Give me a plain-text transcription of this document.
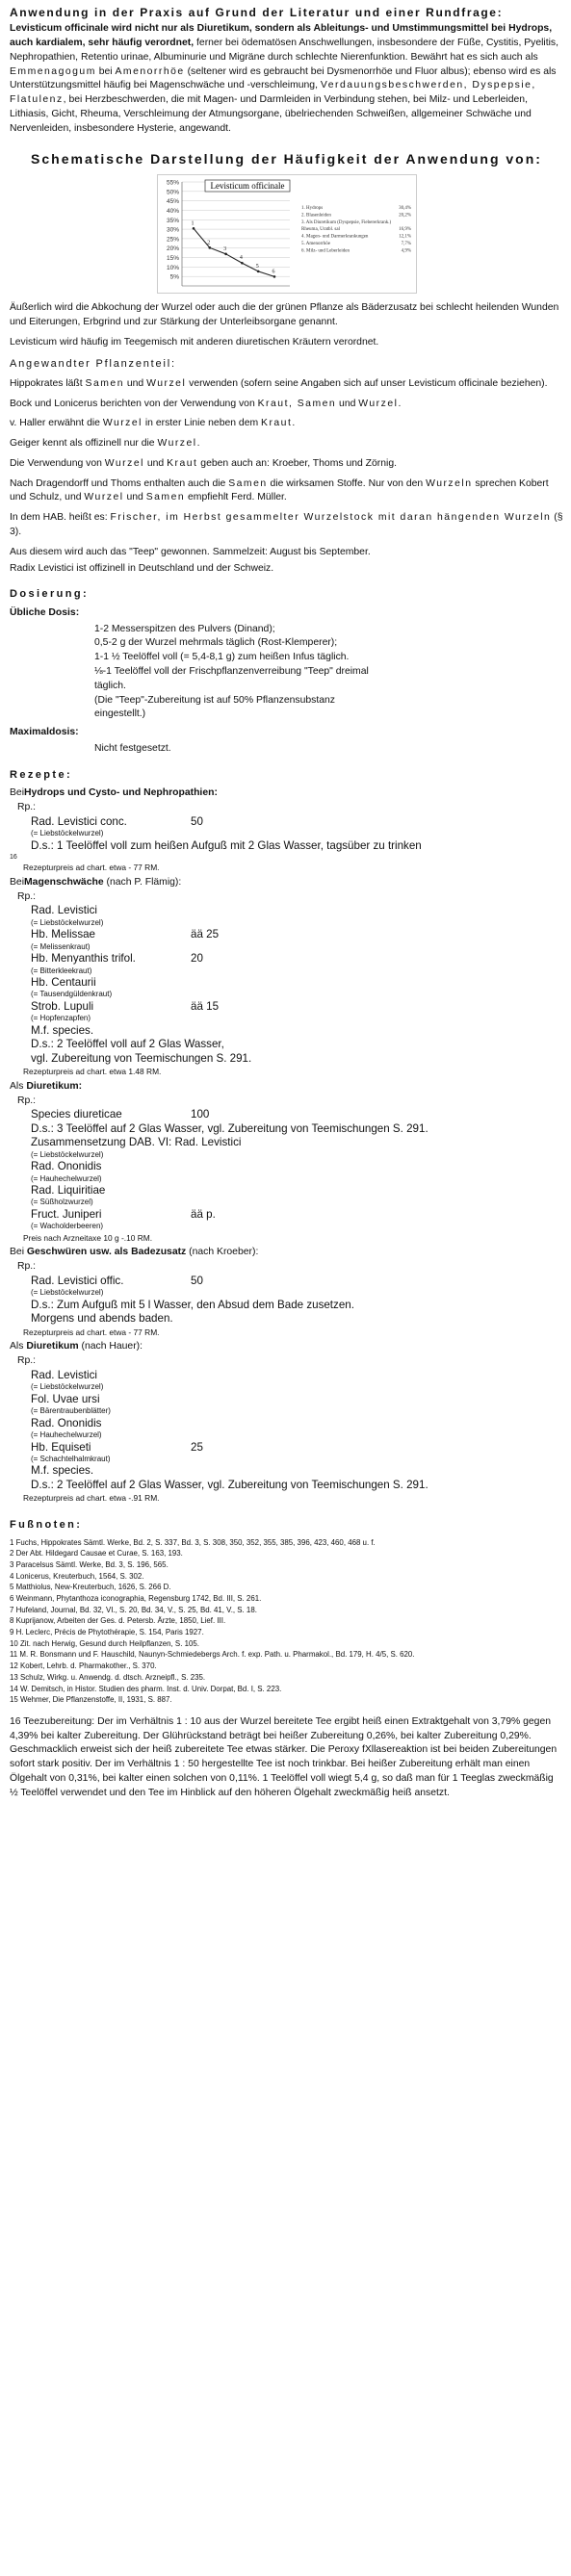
Anwendung in der Praxis auf Grund der Literatur und einer Rundfrage:

Levisticum officinale wird nicht nur als Diuretikum, sondern als Ableitungs- und Umstimmungsmittel bei Hydrops, auch kardialem, sehr häufig verordnet, ferner bei ödematösen Anschwellungen, insbesondere der Füße, Cystitis, Pyelitis, Nephropathien, Retentio urinae, Albuminurie und Migräne durch schlechte Nierenfunktion. Bewährt hat es sich auch als Emmenagogum bei Amenorrhöe (seltener wird es gebraucht bei Dysmenorrhöe und Fluor albus); ebenso wird es als Unterstützungsmittel häufig bei Magenschwäche und -verschleimung, Verdauungsbeschwerden, Dyspepsie, Flatulenz, bei Herzbeschwerden, die mit Magen- und Darmleiden in Verbindung stehen, bei Milz- und Leberleiden, Lithiasis, Gicht, Rheuma, Verschleimung der Atmungsorgane, übelriechenden Schweißen, allgemeiner Schwäche und Nervenleiden, insbesondere Hysterie, angewandt.

Schematische Darstellung der Häufigkeit der Anwendung von:
55%
50%
45%
40%
35%
30%
25%
20%
15%
10%
5%
Levisticum officinale
1
2
3
4
5
6
1. Hydrops	30,4%
2. Blasenleiden	20,2%
3. Als Diuretikum (Dyspepsie, Fiebererkrank.)
Rheuma, Uratbl. sal	16,9%
4. Magen- und Darmerkrankungen	12,1%
5. Amenorrhöe	7,7%
6. Milz- und Leberleiden	4,9%

Äußerlich wird die Abkochung der Wurzel oder auch die der grünen Pflanze als Bäderzusatz bei schlecht heilenden Wunden und Eiterungen, Erbgrind und zur Stärkung der Unterleibsorgane genannt.

Levisticum wird häufig im Teegemisch mit anderen diuretischen Kräutern verordnet.

Angewandter Pflanzenteil:

Hippokrates läßt Samen und Wurzel verwenden (sofern seine Angaben sich auf unser Levisticum officinale beziehen).

Bock und Lonicerus berichten von der Verwendung von Kraut, Samen und Wurzel.

v. Haller erwähnt die Wurzel in erster Linie neben dem Kraut.

Geiger kennt als offizinell nur die Wurzel.

Die Verwendung von Wurzel und Kraut geben auch an: Kroeber, Thoms und Zörnig.

Nach Dragendorff und Thoms enthalten auch die Samen die wirksamen Stoffe. Nur von den Wurzeln sprechen Kobert und Schulz, und Wurzel und Samen empfiehlt Ferd. Müller.

In dem HAB. heißt es: Frischer, im Herbst gesammelter Wurzelstock mit daran hängenden Wurzeln (§ 3).

Aus diesem wird auch das "Teep" gewonnen. Sammelzeit: August bis September.

Radix Levistici ist offizinell in Deutschland und der Schweiz.

Dosierung:
Übliche Dosis:
1-2 Messerspitzen des Pulvers (Dinand);
0,5-2 g der Wurzel mehrmals täglich (Rost-Klemperer);
1-1 ½ Teelöffel voll (= 5,4-8,1 g) zum heißen Infus täglich.
⅛-1 Teelöffel voll der Frischpflanzenverreibung "Teep" dreimal
täglich.
(Die "Teep"-Zubereitung ist auf 50% Pflanzensubstanz
eingestellt.)
Maximaldosis:
Nicht festgesetzt.
Rezepte:
BeiHydrops und Cysto- und Nephropathien:
Rp.:
Rad. Levistici conc.	50
(= Liebstöckelwurzel)
D.s.: 1 Teelöffel voll zum heißen Aufguß mit 2 Glas Wasser, tagsüber zu trinken
16
Rezepturpreis ad chart. etwa - 77 RM.
BeiMagenschwäche (nach P. Flämig):
Rp.:
Rad. Levistici
(= Liebstöckelwurzel)
Hb. Melissae	ää 25
(= Melissenkraut)
Hb. Menyanthis trifol.	20
(= Bitterkleekraut)
Hb. Centaurii
(= Tausendgüldenkraut)
Strob. Lupuli	ää 15
(= Hopfenzapfen)
M.f. species.
D.s.: 2 Teelöffel voll auf 2 Glas Wasser,
vgl. Zubereitung von Teemischungen S. 291.
Rezepturpreis ad chart. etwa 1.48 RM.
Als Diuretikum:
Rp.:
Species diureticae	100
D.s.: 3 Teelöffel auf 2 Glas Wasser, vgl. Zubereitung von Teemischungen S. 291.
Zusammensetzung DAB. VI: Rad. Levistici
(= Liebstöckelwurzel)
Rad. Ononidis
(= Hauhechelwurzel)
Rad. Liquiritiae
(= Süßholzwurzel)
Fruct. Juniperi	ää p.
(= Wacholderbeeren)
Preis nach Arzneitaxe 10 g -.10 RM.
Bei Geschwüren usw. als Badezusatz (nach Kroeber):
Rp.:
Rad. Levistici offic.	50
(= Liebstöckelwurzel)
D.s.: Zum Aufguß mit 5 l Wasser, den Absud dem Bade zusetzen.
Morgens und abends baden.
Rezepturpreis ad chart. etwa - 77 RM.
Als Diuretikum (nach Hauer):
Rp.:
Rad. Levistici
(= Liebstöckelwurzel)
Fol. Uvae ursi
(= Bärentraubenblätter)
Rad. Ononidis
(= Hauhechelwurzel)
Hb. Equiseti	25
(= Schachtelhalmkraut)
M.f. species.
D.s.: 2 Teelöffel auf 2 Glas Wasser, vgl. Zubereitung von Teemischungen S. 291.
Rezepturpreis ad chart. etwa -.91 RM.
Fußnoten:
1 Fuchs, Hippokrates Sämtl. Werke, Bd. 2, S. 337, Bd. 3, S. 308, 350, 352, 355, 385, 396, 423, 460, 468 u. f.
2 Der Abt. Hildegard Causae et Curae, S. 163, 193.
3 Paracelsus Sämtl. Werke, Bd. 3, S. 196, 565.
4 Lonicerus, Kreuterbuch, 1564, S. 302.
5 Matthiolus, New-Kreuterbuch, 1626, S. 266 D.
6 Weinmann, Phytanthoza iconographia, Regensburg 1742, Bd. III, S. 261.
7 Hufeland, Journal, Bd. 32, VI., S. 20, Bd. 34, V., S. 25, Bd. 41, V., S. 18.
8 Kuprijanow, Arbeiten der Ges. d. Petersb. Ärzte, 1850, Lief. III.
9 H. Leclerc, Précis de Phytothérapie, S. 154, Paris 1927.
10 Zit. nach Herwig, Gesund durch Heilpflanzen, S. 105.
11 M. R. Bonsmann und F. Hauschild, Naunyn-Schmiedebergs Arch. f. exp. Path. u. Pharmakol., Bd. 179, H. 4/5, S. 620.
12 Kobert, Lehrb. d. Pharmakother., S. 370.
13 Schulz, Wirkg. u. Anwendg. d. dtsch. Arzneipfl., S. 235.
14 W. Demitsch, in Histor. Studien des pharm. Inst. d. Univ. Dorpat, Bd. I, S. 223.
15 Wehmer, Die Pflanzenstoffe, II, 1931, S. 887.
16 Teezubereitung: Der im Verhältnis 1 : 10 aus der Wurzel bereitete Tee ergibt heiß einen Extraktgehalt von 3,79% gegen 4,39% bei kalter Zubereitung. Der Glührückstand beträgt bei heißer Zubereitung 0,26%, bei kalter Zubereitung 0,29%. Geschmacklich erweist sich der heiß zubereitete Tee etwas stärker. Die Peroxy fXllasereaktion ist bei beiden Zubereitungen sofort stark positiv. Der im Verhältnis 1 : 50 hergestellte Tee ist noch trinkbar. Bei heißer Zubereitung erhält man einen Ölgehalt von 0,31%, bei kalter einen solchen von 0,11%. 1 Teelöffel voll wiegt 5,4 g, so daß man für 1 Teeglas zweckmäßig ½ Teelöffel verwendet und den Tee im Hinblick auf den höheren Ölgehalt zweckmäßig heiß ansetzt.
